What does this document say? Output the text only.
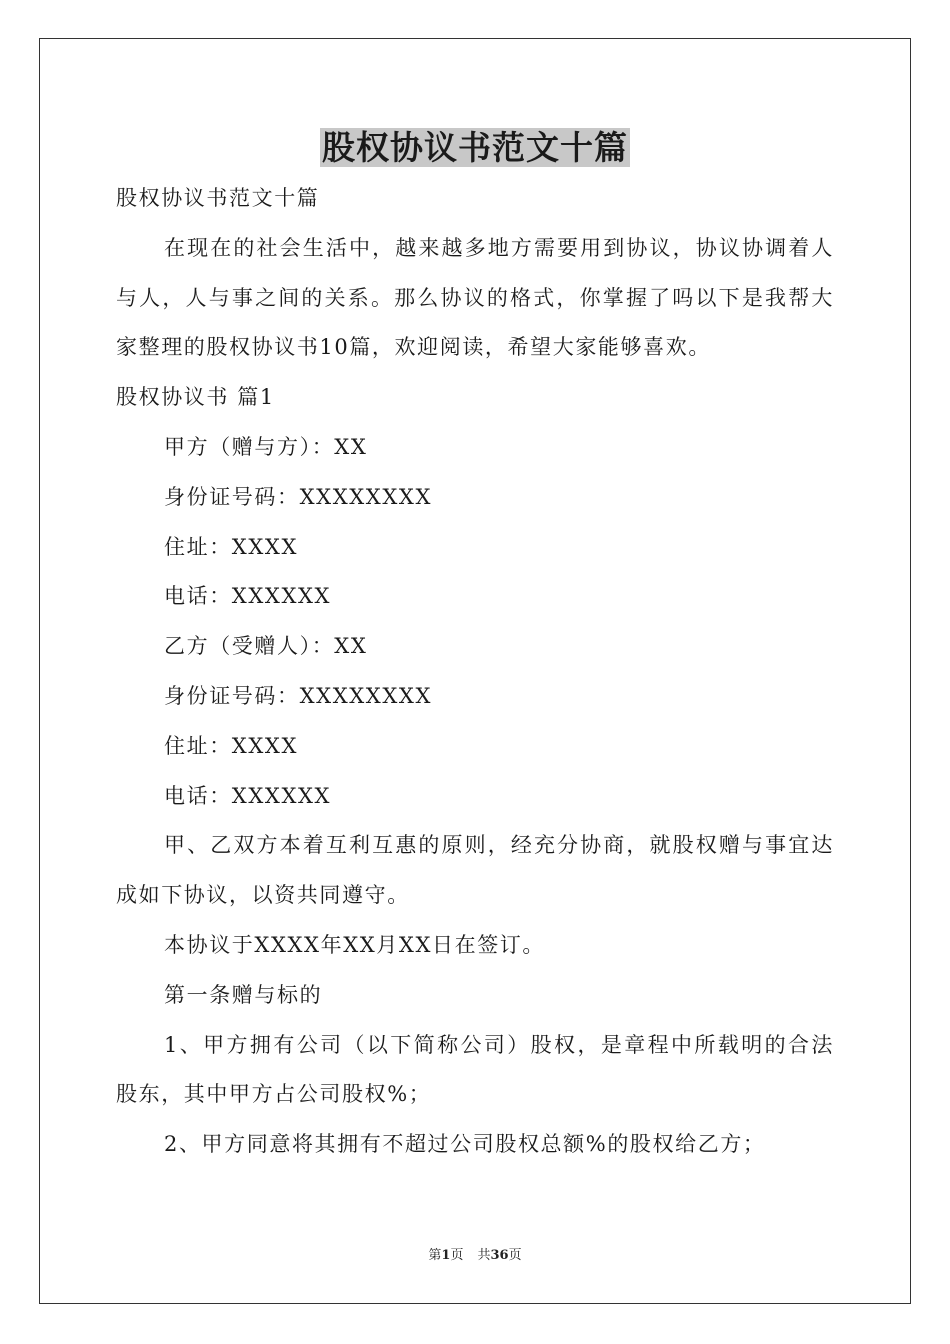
股权协议书范文十篇

股权协议书范文十篇

在现在的社会生活中，越来越多地方需要用到协议，协议协调着人与人，人与事之间的关系。那么协议的格式，你掌握了吗以下是我帮大家整理的股权协议书10篇，欢迎阅读，希望大家能够喜欢。

股权协议书 篇1

甲方（赠与方）：XX

身份证号码：XXXXXXXX

住址：XXXX

电话：XXXXXX

乙方（受赠人）：XX

身份证号码：XXXXXXXX

住址：XXXX

电话：XXXXXX

甲、乙双方本着互利互惠的原则，经充分协商，就股权赠与事宜达成如下协议，以资共同遵守。

本协议于XXXX年XX月XX日在签订。

第一条赠与标的

1、甲方拥有公司（以下简称公司）股权，是章程中所载明的合法股东，其中甲方占公司股权%；

2、甲方同意将其拥有不超过公司股权总额%的股权给乙方；

第1页 共36页
